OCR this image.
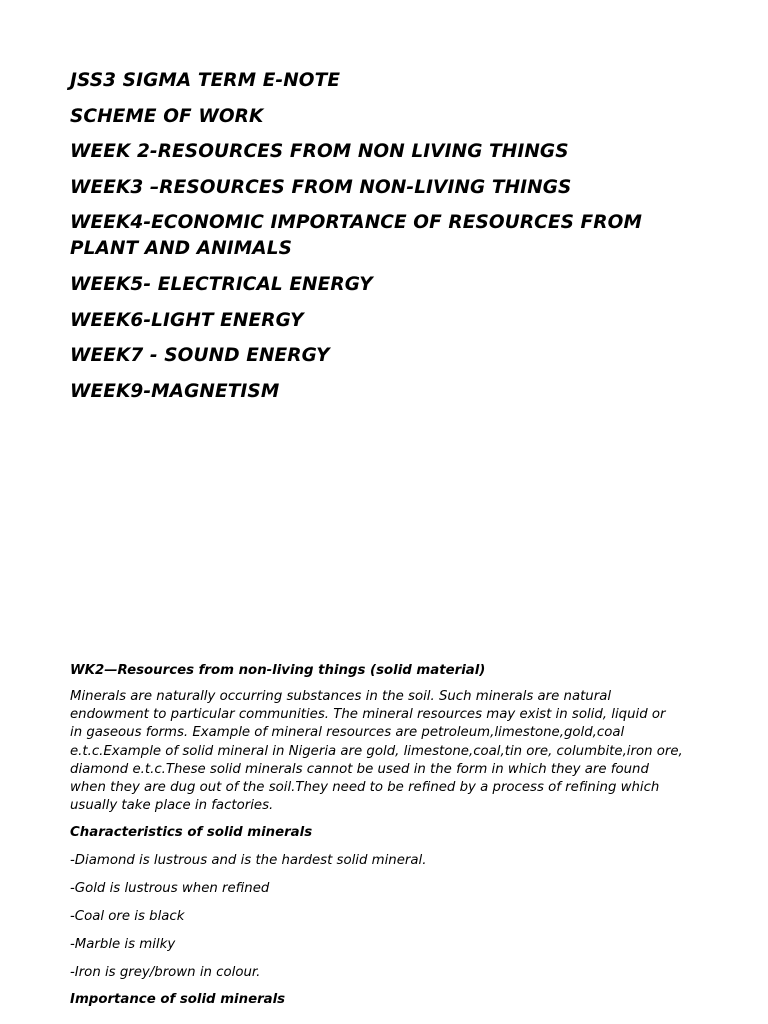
JSS3 SIGMA TERM E-NOTE
SCHEME OF WORK
WEEK 2-RESOURCES FROM NON LIVING THINGS
WEEK3 –RESOURCES FROM NON-LIVING THINGS
WEEK4-ECONOMIC IMPORTANCE OF RESOURCES FROM PLANT AND ANIMALS
WEEK5- ELECTRICAL ENERGY
WEEK6-LIGHT ENERGY
WEEK7 - SOUND ENERGY
WEEK9-MAGNETISM
WK2—Resources from non-living things (solid material)
Minerals are naturally occurring substances in the soil. Such minerals are natural
endowment to particular communities. The mineral resources may exist in solid, liquid or
in gaseous forms. Example of mineral resources are petroleum,limestone,gold,coal
e.t.c.Example of solid mineral in Nigeria are gold, limestone,coal,tin ore, columbite,iron ore,
diamond e.t.c.These solid minerals cannot be used in the form in which they are found
when they are dug out of the soil.They need to be refined by a process of refining which
usually take place in factories.
Characteristics of solid minerals
-Diamond is lustrous and is the hardest solid mineral.
-Gold is lustrous when refined
-Coal ore is black
-Marble is milky
-Iron is grey/brown in colour.
Importance of solid minerals
